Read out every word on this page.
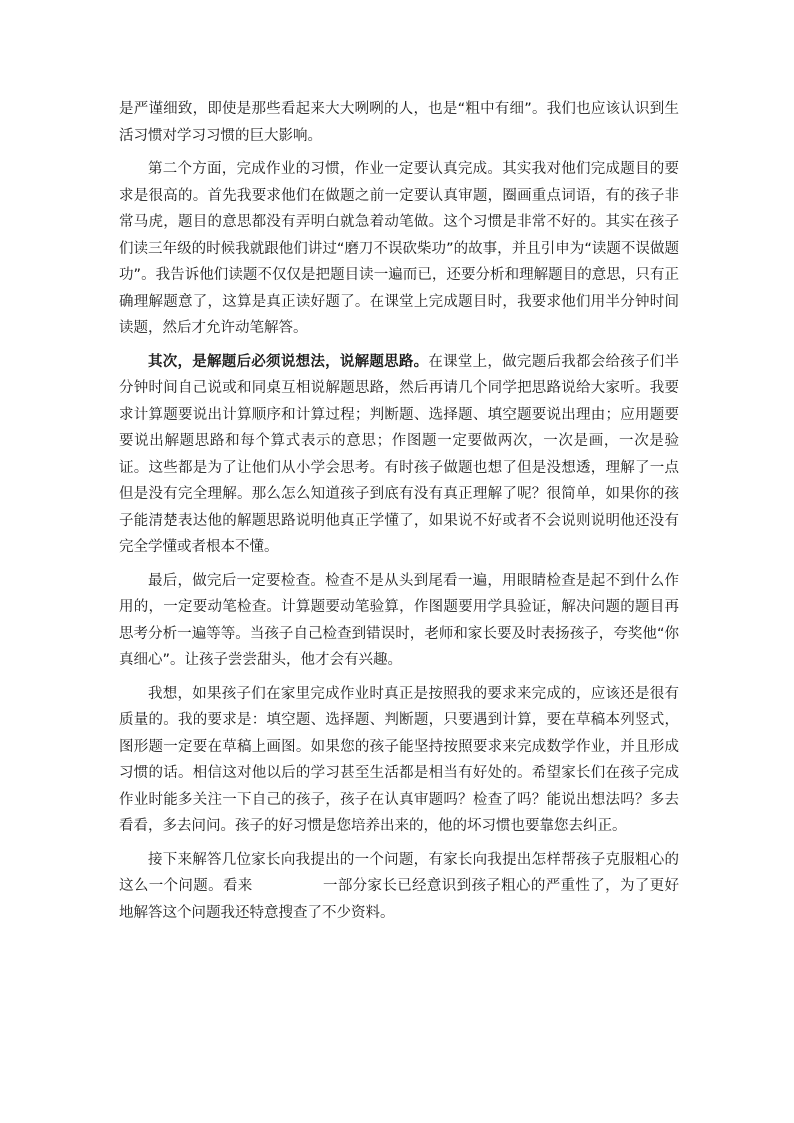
是严谨细致，即使是那些看起来大大咧咧的人，也是“粗中有细”。我们也应该认识到生活习惯对学习习惯的巨大影响。

第二个方面，完成作业的习惯，作业一定要认真完成。其实我对他们完成题目的要求是很高的。首先我要求他们在做题之前一定要认真审题，圈画重点词语，有的孩子非常马虎，题目的意思都没有弄明白就急着动笔做。这个习惯是非常不好的。其实在孩子们读三年级的时候我就跟他们讲过“磨刀不误砍柴功”的故事，并且引申为“读题不误做题功”。我告诉他们读题不仅仅是把题目读一遍而已，还要分析和理解题目的意思，只有正确理解题意了，这算是真正读好题了。在课堂上完成题目时，我要求他们用半分钟时间读题，然后才允许动笔解答。

其次，是解题后必须说想法，说解题思路。在课堂上，做完题后我都会给孩子们半分钟时间自己说或和同桌互相说解题思路，然后再请几个同学把思路说给大家听。我要求计算题要说出计算顺序和计算过程；判断题、选择题、填空题要说出理由；应用题要要说出解题思路和每个算式表示的意思；作图题一定要做两次，一次是画，一次是验证。这些都是为了让他们从小学会思考。有时孩子做题也想了但是没想透，理解了一点但是没有完全理解。那么怎么知道孩子到底有没有真正理解了呢？很简单，如果你的孩子能清楚表达他的解题思路说明他真正学懂了，如果说不好或者不会说则说明他还没有完全学懂或者根本不懂。

最后，做完后一定要检查。检查不是从头到尾看一遍，用眼睛检查是起不到什么作用的，一定要动笔检查。计算题要动笔验算，作图题要用学具验证，解决问题的题目再思考分析一遍等等。当孩子自己检查到错误时，老师和家长要及时表扬孩子，夸奖他“你真细心”。让孩子尝尝甜头，他才会有兴趣。

我想，如果孩子们在家里完成作业时真正是按照我的要求来完成的，应该还是很有质量的。我的要求是：填空题、选择题、判断题，只要遇到计算，要在草稿本列竖式，图形题一定要在草稿上画图。如果您的孩子能坚持按照要求来完成数学作业，并且形成习惯的话。相信这对他以后的学习甚至生活都是相当有好处的。希望家长们在孩子完成作业时能多关注一下自己的孩子，孩子在认真审题吗？检查了吗？能说出想法吗？多去看看，多去问问。孩子的好习惯是您培养出来的，他的坏习惯也要靠您去纠正。

接下来解答几位家长向我提出的一个问题，有家长向我提出怎样帮孩子克服粗心的这么一个问题。看来	一部分家长已经意识到孩子粗心的严重性了，为了更好地解答这个问题我还特意搜查了不少资料。
